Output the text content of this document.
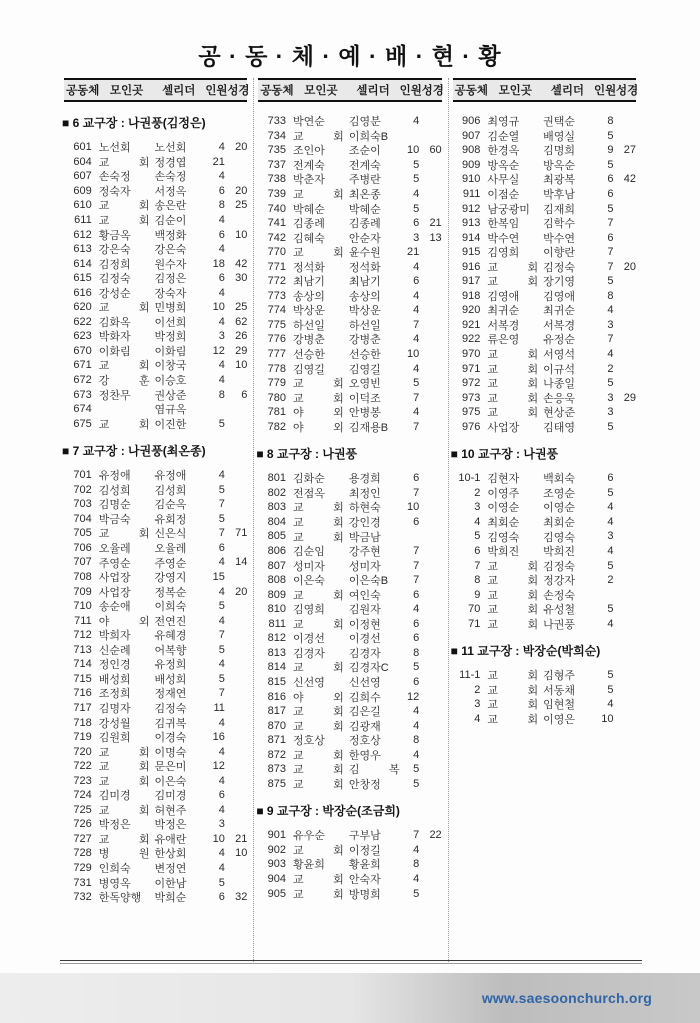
공 · 동 · 체 · 예 · 배 · 현 · 황
공동체 모인곳	셀리더 인원 성경
■ 6 교구장 : 나권풍(김정은)
601 노선회	노선회	4 20
604 교 회 정경엽	21
607 손숙정	손숙정	4
609 정숙자	서정옥	6 20
610 교 회 송은란	8 25
611 교 회 김순이	4
612 황금옥	백정화	6 10
613 강은숙	강은숙	4
614 김정희	원수자	18 42
615 김정숙	김정은	6 30
616 강성순	장숙자	4
620 교 회 민병희	10 25
622 김화옥	이선희	4 62
623 박화자	박정희	3 26
670 이화림	이화림	12 29
671 교 회 이창국	4 10
672 강 훈 이승호	4
673 정찬무	권상준	8	6
674	염규옥
675 교 회 이진한	5
■ 7 교구장 : 나권풍(최온종)
701 유정애	유정애	4
702 김성희	김성희	5
703 김명순	김순옥	7
704 박금숙	유회정	5
705 교 회 신은식	7 71
706 오율레	오율레	6
707 주영순	주영순	4 14
708 사업장	강영지	15
709 사업장	정복순	4 20
710 송순애	이희숙	5
711 야 외 전연진	4
712 박희자	유혜경	7
713 신순례	어복향	5
714 정인경	유정희	4
715 배성희	배성희	5
716 조정희	정재연	7
717 김명자	김정숙	11
718 강성월	김귀복	4
719 김원희	이경숙	16
720 교 회 이명숙	4
722 교 회 문은미	12
723 교 회 이은숙	4
724 김미경	김미경	6
725 교 회 허현주	4
726 박정은	박정은	3
727 교 회 유애란	10 21
728 병 원 한상회	4 10
729 인희숙	변정연	4
731 병영옥	이한남	5
732 한독양행	박희순	6 32
공동체 모인곳	셀리더 인원 성경
733 박연순	김영분	4
734 교 회 이희숙B
735 조인아	조순이	10 60
737 전계숙	전계숙	5
738 박춘자	주병란	5
739 교 회 최온종	4
740 박혜순	박혜순	5
741 김종례	김종례	6 21
742 김혜숙	안순자	3 13
770 교 회 윤수원	21
771 정석화	정석화	4
772 최남기	최남기	6
773 송상의	송상의	4
774 박상운	박상운	4
775 하선일	하선일	7
776 강병춘	강병춘	4
777 선승한	선승한	10
778 김영길	김영길	4
779 교 회 오영빈	5
780 교 회 이덕조	7
781 야 외 안병봉	4
782 야 외 김재용B	7
■ 8 교구장 : 나권풍
801 김화순	용경희	6
802 전점옥	최정인	7
803 교 회 하현숙	10
804 교 회 강인경	6
805 교 회 박금남
806 김순임	강주현	7
807 성미자	성미자	7
808 이은숙	이은숙B	7
809 교 회 여인숙	6
810 김영희	김원자	4
811 교 회 이정현	6
812 이경선	이경선	6
813 김경자	김경자	8
814 교 회 김경자C	5
815 신선영	신선영	6
816 야 외 김희수	12
817 교 회 김은길	4
870 교 회 김광재	4
871 정호상	정호상	8
872 교 회 한영우	4
873 교 회 김 복	5
875 교 회 안창정	5
■ 9 교구장 : 박장순(조금희)
901 유우순	구부남	7 22
902 교 회 이정길	4
903 황윤희	황윤희	8
904 교 회 안숙자	4
905 교 회 방명희	5
공동체 모인곳	셀리더 인원 성경
906 최영규	권택순	8
907 김순열	배영실	5
908 한경옥	김명희	9 27
909 방옥순	방옥순	5
910 사무실	최광복	6 42
911 이점순	박후남	6
912 남궁광미	김재희	5
913 한복임	김학수	7
914 박수연	박수연	6
915 김영희	이향란	7
916 교 회 김정숙	7 20
917 교 회 장기영	5
918 김영애	김영애	8
920 최귀순	최귀순	4
921 서복경	서복경	3
922 류은영	유정순	7
970 교 회 서영석	4
971 교 회 이규석	2
972 교 회 나종일	5
973 교 회 손응욱	3 29
975 교 회 현상준	3
976 사업장	김태영	5
■ 10 교구장 : 나권풍
10-1 김현자	백회숙	6
2 이영주	조영순	5
3 이영순	이영순	4
4 최회순	최회순	4
5 김영숙	김영숙	3
6 박희진	박희진	4
7 교 회 김정숙	5
8 교 회 정강자	2
9 교 회 손정숙
70 교 회 유성철	5
71 교 회 나권풍	4
■ 11 교구장 : 박장순(박희순)
11-1 교 회 김형주	5
2 교 회 서동채	5
3 교 회 임현철	4
4 교 회 이영은	10
www.saesoonchurch.org
